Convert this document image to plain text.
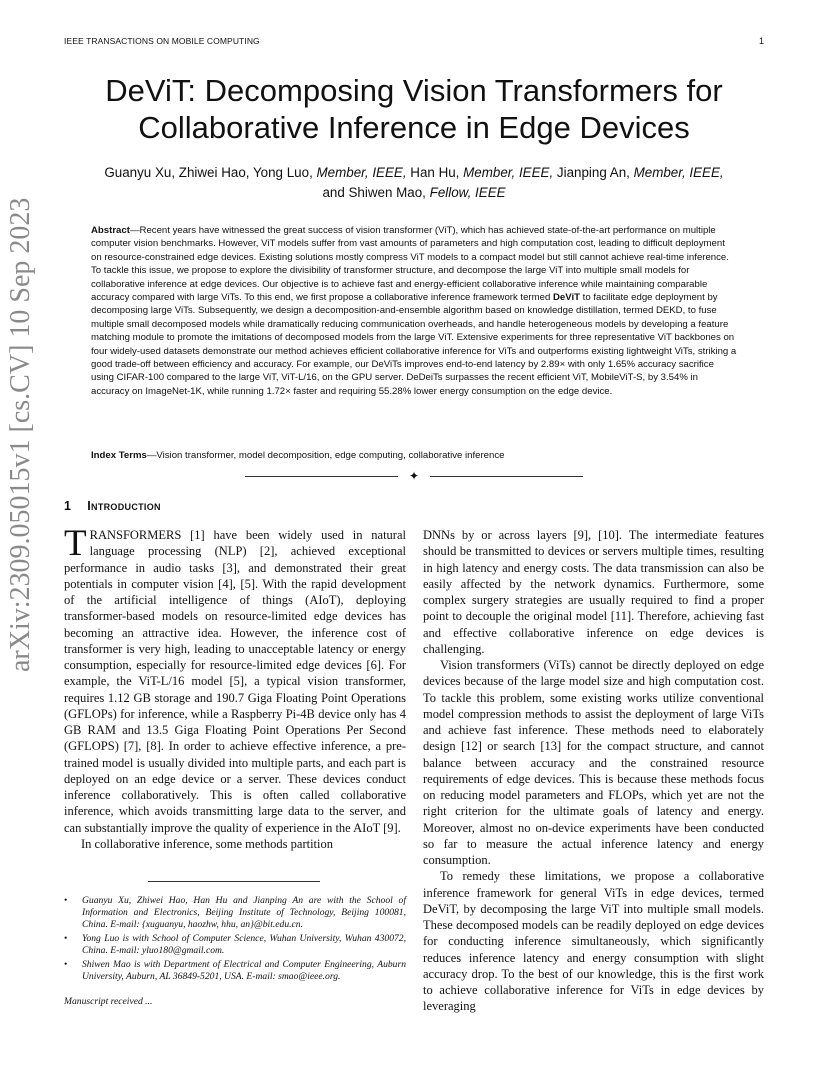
IEEE TRANSACTIONS ON MOBILE COMPUTING	1
arXiv:2309.05015v1 [cs.CV] 10 Sep 2023
DeViT: Decomposing Vision Transformers for
Collaborative Inference in Edge Devices
Guanyu Xu, Zhiwei Hao, Yong Luo, Member, IEEE, Han Hu, Member, IEEE, Jianping An, Member, IEEE,
and Shiwen Mao, Fellow, IEEE
Abstract—Recent years have witnessed the great success of vision transformer (ViT), which has achieved state-of-the-art performance on multiple computer vision benchmarks. However, ViT models suffer from vast amounts of parameters and high computation cost, leading to difficult deployment on resource-constrained edge devices. Existing solutions mostly compress ViT models to a compact model but still cannot achieve real-time inference. To tackle this issue, we propose to explore the divisibility of transformer structure, and decompose the large ViT into multiple small models for collaborative inference at edge devices. Our objective is to achieve fast and energy-efficient collaborative inference while maintaining comparable accuracy compared with large ViTs. To this end, we first propose a collaborative inference framework termed DeViT to facilitate edge deployment by decomposing large ViTs. Subsequently, we design a decomposition-and-ensemble algorithm based on knowledge distillation, termed DEKD, to fuse multiple small decomposed models while dramatically reducing communication overheads, and handle heterogeneous models by developing a feature matching module to promote the imitations of decomposed models from the large ViT. Extensive experiments for three representative ViT backbones on four widely-used datasets demonstrate our method achieves efficient collaborative inference for ViTs and outperforms existing lightweight ViTs, striking a good trade-off between efficiency and accuracy. For example, our DeViTs improves end-to-end latency by 2.89× with only 1.65% accuracy sacrifice using CIFAR-100 compared to the large ViT, ViT-L/16, on the GPU server. DeDeiTs surpasses the recent efficient ViT, MobileViT-S, by 3.54% in accuracy on ImageNet-1K, while running 1.72× faster and requiring 55.28% lower energy consumption on the edge device.
Index Terms—Vision transformer, model decomposition, edge computing, collaborative inference
✦
1 Introduction

TRANSFORMERS [1] have been widely used in natural language processing (NLP) [2], achieved exceptional performance in audio tasks [3], and demonstrated their great potentials in computer vision [4], [5]. With the rapid development of the artificial intelligence of things (AIoT), deploying transformer-based models on resource-limited edge devices has becoming an attractive idea. However, the inference cost of transformer is very high, leading to unacceptable latency or energy consumption, especially for resource-limited edge devices [6]. For example, the ViT-L/16 model [5], a typical vision transformer, requires 1.12 GB storage and 190.7 Giga Floating Point Operations (GFLOPs) for inference, while a Raspberry Pi-4B device only has 4 GB RAM and 13.5 Giga Floating Point Operations Per Second (GFLOPS) [7], [8]. In order to achieve effective inference, a pre-trained model is usually divided into multiple parts, and each part is deployed on an edge device or a server. These devices conduct inference collaboratively. This is often called collaborative inference, which avoids transmitting large data to the server, and can substantially improve the quality of experience in the AIoT [9].

In collaborative inference, some methods partition

DNNs by or across layers [9], [10]. The intermediate features should be transmitted to devices or servers multiple times, resulting in high latency and energy costs. The data transmission can also be easily affected by the network dynamics. Furthermore, some complex surgery strategies are usually required to find a proper point to decouple the original model [11]. Therefore, achieving fast and effective collaborative inference on edge devices is challenging.

Vision transformers (ViTs) cannot be directly deployed on edge devices because of the large model size and high computation cost. To tackle this problem, some existing works utilize conventional model compression methods to assist the deployment of large ViTs and achieve fast inference. These methods need to elaborately design [12] or search [13] for the compact structure, and cannot balance between accuracy and the constrained resource requirements of edge devices. This is because these methods focus on reducing model parameters and FLOPs, which yet are not the right criterion for the ultimate goals of latency and energy. Moreover, almost no on-device experiments have been conducted so far to measure the actual inference latency and energy consumption.

To remedy these limitations, we propose a collaborative inference framework for general ViTs in edge devices, termed DeViT, by decomposing the large ViT into multiple small models. These decomposed models can be readily deployed on edge devices for conducting inference simultaneously, which significantly reduces inference latency and energy consumption with slight accuracy drop. To the best of our knowledge, this is the first work to achieve collaborative inference for ViTs in edge devices by leveraging

• Guanyu Xu, Zhiwei Hao, Han Hu and Jianping An are with the School of Information and Electronics, Beijing Institute of Technology, Beijing 100081, China. E-mail: {xuguanyu, haozhw, hhu, an}@bit.edu.cn.
• Yong Luo is with School of Computer Science, Wuhan University, Wuhan 430072, China. E-mail: yluo180@gmail.com.
• Shiwen Mao is with Department of Electrical and Computer Engineering, Auburn University, Auburn, AL 36849-5201, USA. E-mail: smao@ieee.org.
Manuscript received ...
